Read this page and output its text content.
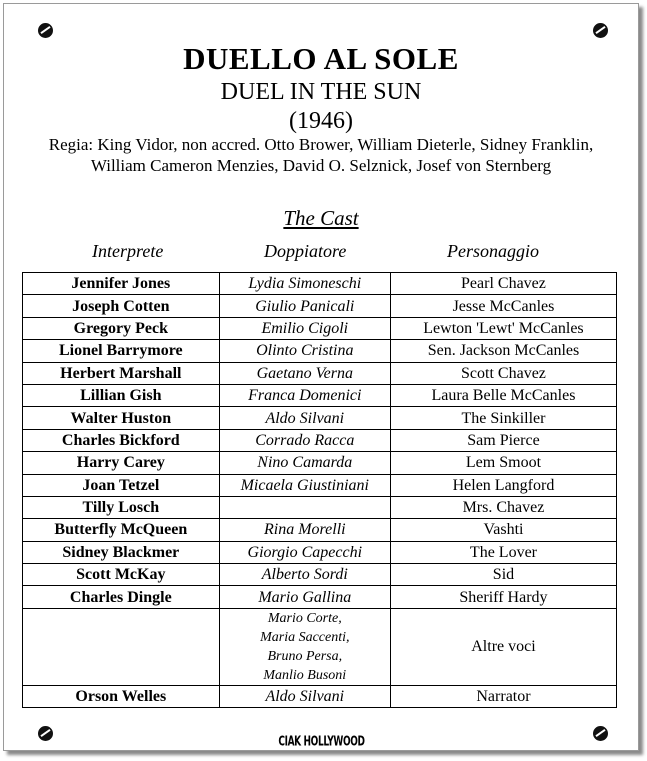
DUELLO AL SOLE
DUEL IN THE SUN
(1946)
Regia: King Vidor, non accred. Otto Brower, William Dieterle, Sidney Franklin,
William Cameron Menzies, David O. Selznick, Josef von Sternberg
The Cast
Interprete	Doppiatore	Personaggio
Jennifer Jones	Lydia Simoneschi	Pearl Chavez
Joseph Cotten	Giulio Panicali	Jesse McCanles
Gregory Peck	Emilio Cigoli	Lewton 'Lewt' McCanles
Lionel Barrymore	Olinto Cristina	Sen. Jackson McCanles
Herbert Marshall	Gaetano Verna	Scott Chavez
Lillian Gish	Franca Domenici	Laura Belle McCanles
Walter Huston	Aldo Silvani	The Sinkiller
Charles Bickford	Corrado Racca	Sam Pierce
Harry Carey	Nino Camarda	Lem Smoot
Joan Tetzel	Micaela Giustiniani	Helen Langford
Tilly Losch		Mrs. Chavez
Butterfly McQueen	Rina Morelli	Vashti
Sidney Blackmer	Giorgio Capecchi	The Lover
Scott McKay	Alberto Sordi	Sid
Charles Dingle	Mario Gallina	Sheriff Hardy

	Mario Corte,
Maria Saccenti,
Bruno Persa,
Manlio Busoni	Altre voci
Orson Welles	Aldo Silvani	Narrator
CIAK HOLLYWOOD
